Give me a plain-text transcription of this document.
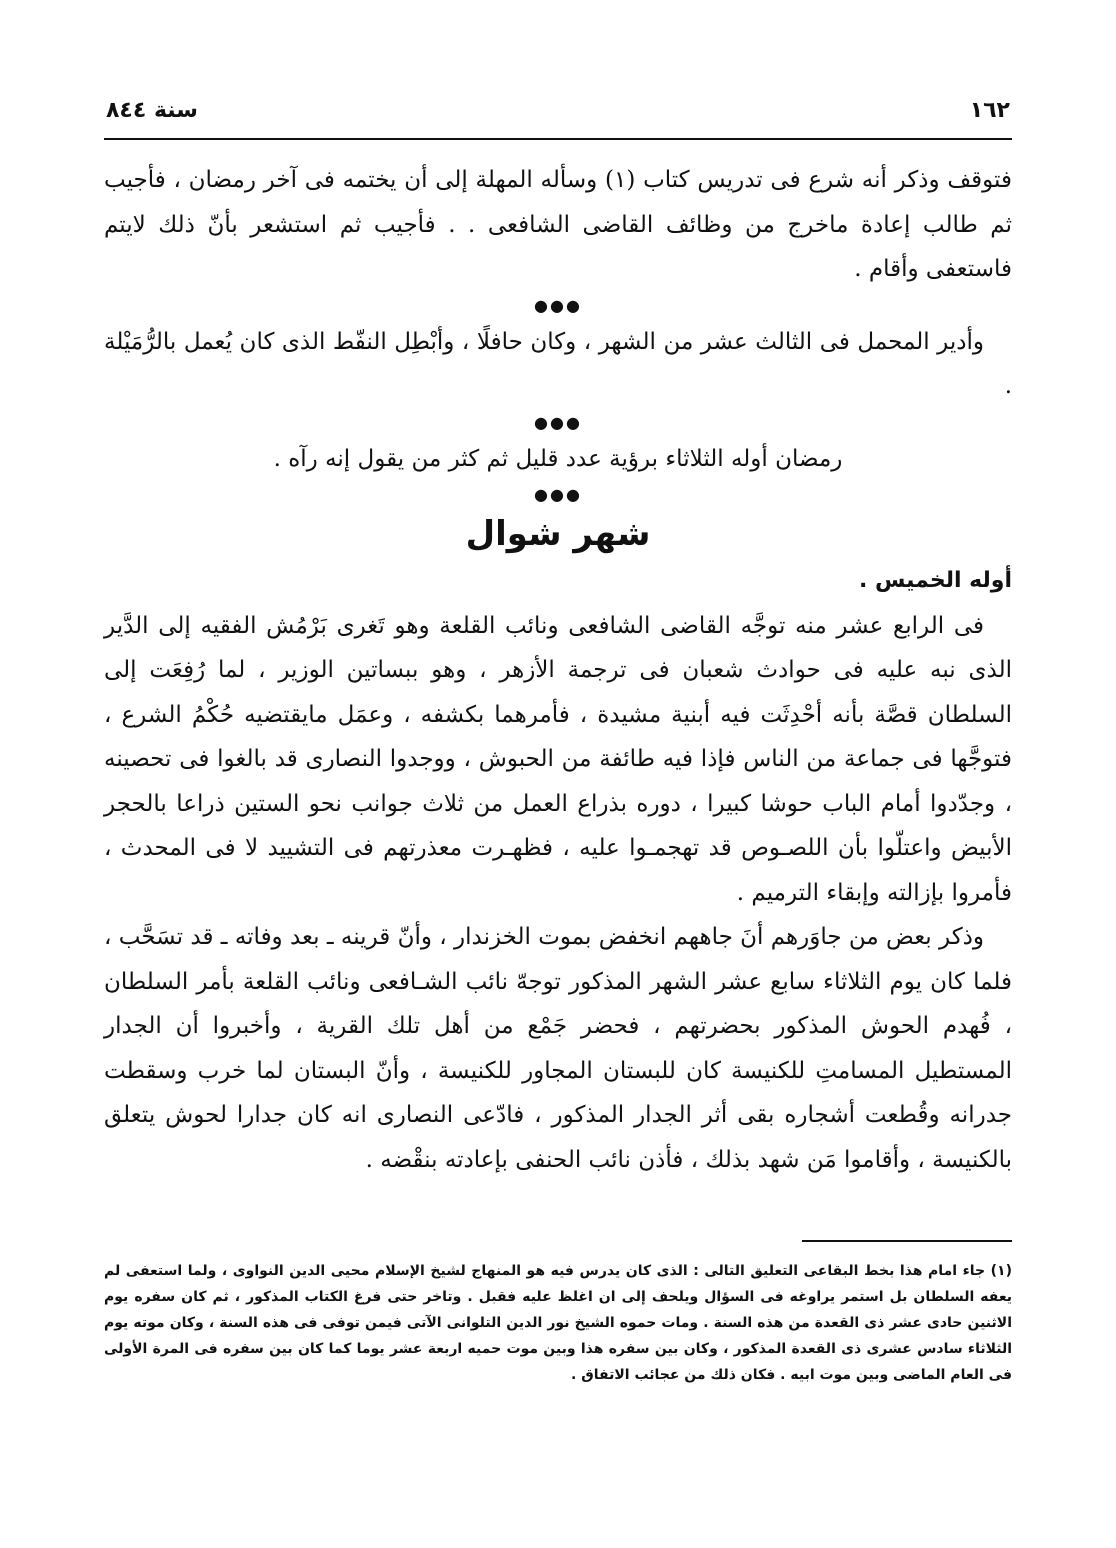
١٦٢
سنة ٨٤٤

فتوقف وذكر أنه شرع فى تدريس كتاب (١) وسأله المهلة إلى أن يختمه فى آخر رمضان ، فأجيب ثم طالب إعادة ماخرج من وظائف القاضى الشافعى . . فأجيب ثم استشعر بأنّ ذلك لايتم فاستعفى وأقام .

●●●

وأدير المحمل فى الثالث عشر من الشهر ، وكان حافلًا ، وأبْطِل النفّط الذى كان يُعمل بالرُّمَيْلة .

●●●

رمضان أوله الثلاثاء برؤية عدد قليل ثم كثر من يقول إنه رآه .

●●●
شهر شوال

أوله الخميس .

فى الرابع عشر منه توجَّه القاضى الشافعى ونائب القلعة وهو تَغرى بَرْمُش الفقيه إلى الدَّير الذى نبه عليه فى حوادث شعبان فى ترجمة الأزهر ، وهو ببساتين الوزير ، لما رُفِعَت إلى السلطان قصَّة بأنه أحْدِثَت فيه أبنية مشيدة ، فأمرهما بكشفه ، وعمَل مايقتضيه حُكْمُ الشرع ، فتوجَّها فى جماعة من الناس فإذا فيه طائفة من الحبوش ، ووجدوا النصارى قد بالغوا فى تحصينه ، وجدّدوا أمام الباب حوشا كبيرا ، دوره بذراع العمل من ثلاث جوانب نحو الستين ذراعا بالحجر الأبيض واعتلّوا بأن اللصـوص قد تهجمـوا عليه ، فظهـرت معذرتهم فى التشييد لا فى المحدث ، فأمروا بإزالته وإبقاء الترميم .

وذكر بعض من جاوَرهم أنَ جاههم انخفض بموت الخزندار ، وأنّ قرينه ـ بعد وفاته ـ قد تسَحَّب ، فلما كان يوم الثلاثاء سابع عشر الشهر المذكور توجهّ نائب الشـافعى ونائب القلعة بأمر السلطان ، فُهدم الحوش المذكور بحضرتهم ، فحضر جَمْع من أهل تلك القرية ، وأخبروا أن الجدار المستطيل المسامتِ للكنيسة كان للبستان المجاور للكنيسة ، وأنّ البستان لما خرب وسقطت جدرانه وقُطعت أشجاره بقى أثر الجدار المذكور ، فادّعى النصارى انه كان جدارا لحوش يتعلق بالكنيسة ، وأقاموا مَن شهد بذلك ، فأذن نائب الحنفى بإعادته بنقْضه .

(١) جاء امام هذا بخط البقاعى التعليق التالى : الذى كان يدرس فيه هو المنهاج لشيخ الإسلام محيى الدين النواوى ، ولما استعفى لم يعفه السلطان بل استمر يراوغه فى السؤال ويلحف إلى ان اغلظ عليه فقبل . وتاخر حتى فرغ الكتاب المذكور ، ثم كان سفره يوم الاثنين حادى عشر ذى القعدة من هذه السنة . ومات حموه الشيخ نور الدين التلوانى الآتى فيمن توفى فى هذه السنة ، وكان موته يوم الثلاثاء سادس عشرى ذى القعدة المذكور ، وكان بين سفره هذا وبين موت حميه اربعة عشر يوما كما كان بين سفره فى المرة الأولى فى العام الماضى وبين موت ابيه . فكان ذلك من عجائب الاتفاق .
